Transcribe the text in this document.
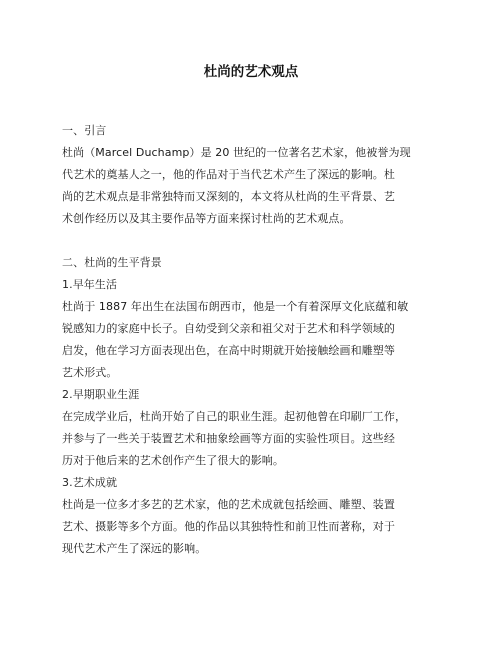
杜尚的艺术观点
一、引言
杜尚（Marcel Duchamp）是 20 世纪的一位著名艺术家，他被誉为现
代艺术的奠基人之一，他的作品对于当代艺术产生了深远的影响。杜
尚的艺术观点是非常独特而又深刻的，本文将从杜尚的生平背景、艺
术创作经历以及其主要作品等方面来探讨杜尚的艺术观点。
二、杜尚的生平背景
1.早年生活
杜尚于 1887 年出生在法国布朗西市，他是一个有着深厚文化底蕴和敏
锐感知力的家庭中长子。自幼受到父亲和祖父对于艺术和科学领域的
启发，他在学习方面表现出色，在高中时期就开始接触绘画和雕塑等
艺术形式。
2.早期职业生涯
在完成学业后，杜尚开始了自己的职业生涯。起初他曾在印刷厂工作，
并参与了一些关于装置艺术和抽象绘画等方面的实验性项目。这些经
历对于他后来的艺术创作产生了很大的影响。
3.艺术成就
杜尚是一位多才多艺的艺术家，他的艺术成就包括绘画、雕塑、装置
艺术、摄影等多个方面。他的作品以其独特性和前卫性而著称，对于
现代艺术产生了深远的影响。
